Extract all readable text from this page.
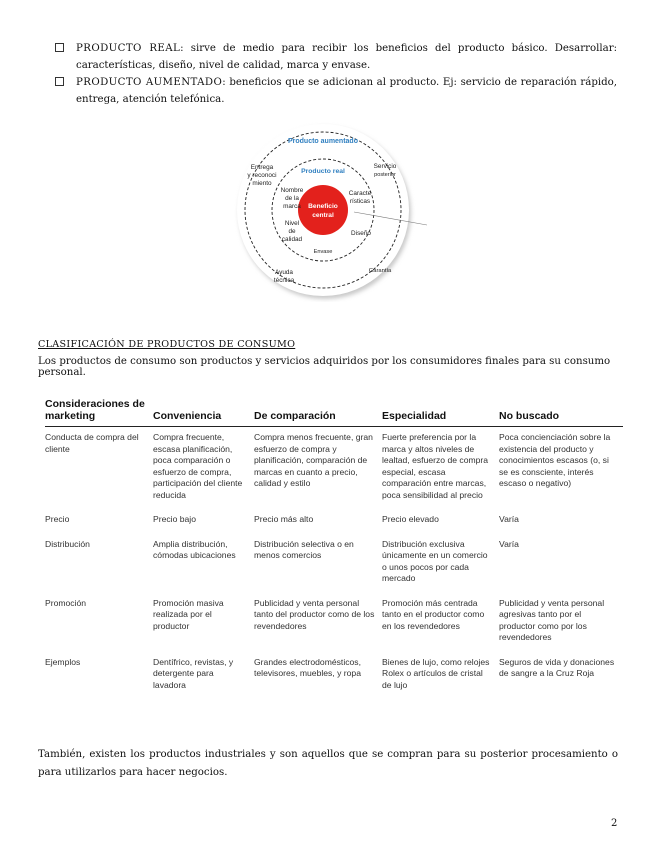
PRODUCTO REAL: sirve de medio para recibir los beneficios del producto básico. Desarrollar: características, diseño, nivel de calidad, marca y envase.
PRODUCTO AUMENTADO: beneficios que se adicionan al producto. Ej: servicio de reparación rápido, entrega, atención telefónica.
Producto aumentado
Producto real
Beneficio
central
Nombre
de la
marca
Caracte
rísticas
Nivel
de
calidad
Diseño
Envase
Entrega
y reconoci
miento
Servicio
posterior
Ayuda
técnica
Garantía
CLASIFICACIÓN DE PRODUCTOS DE CONSUMO
Los productos de consumo son productos y servicios adquiridos por los consumidores finales para su consumo personal.
Consideraciones de marketing	Conveniencia	De comparación	Especialidad	No buscado
Conducta de compra del cliente	Compra frecuente, escasa planificación, poca comparación o esfuerzo de compra, participación del cliente reducida	Compra menos frecuente, gran esfuerzo de compra y planificación, comparación de marcas en cuanto a precio, calidad y estilo	Fuerte preferencia por la marca y altos niveles de lealtad, esfuerzo de compra especial, escasa comparación entre marcas, poca sensibilidad al precio	Poca concienciación sobre la existencia del producto y conocimientos escasos (o, si se es consciente, interés escaso o negativo)
Precio	Precio bajo	Precio más alto	Precio elevado	Varía
Distribución	Amplia distribución, cómodas ubicaciones	Distribución selectiva o en menos comercios	Distribución exclusiva únicamente en un comercio o unos pocos por cada mercado	Varía
Promoción	Promoción masiva realizada por el productor	Publicidad y venta personal tanto del productor como de los revendedores	Promoción más centrada tanto en el productor como en los revendedores	Publicidad y venta personal agresivas tanto por el productor como por los revendedores
Ejemplos	Dentífrico, revistas, y detergente para lavadora	Grandes electrodomésticos, televisores, muebles, y ropa	Bienes de lujo, como relojes Rolex o artículos de cristal de lujo	Seguros de vida y donaciones de sangre a la Cruz Roja
También, existen los productos industriales y son aquellos que se compran para su posterior procesamiento o para utilizarlos para hacer negocios.
2
